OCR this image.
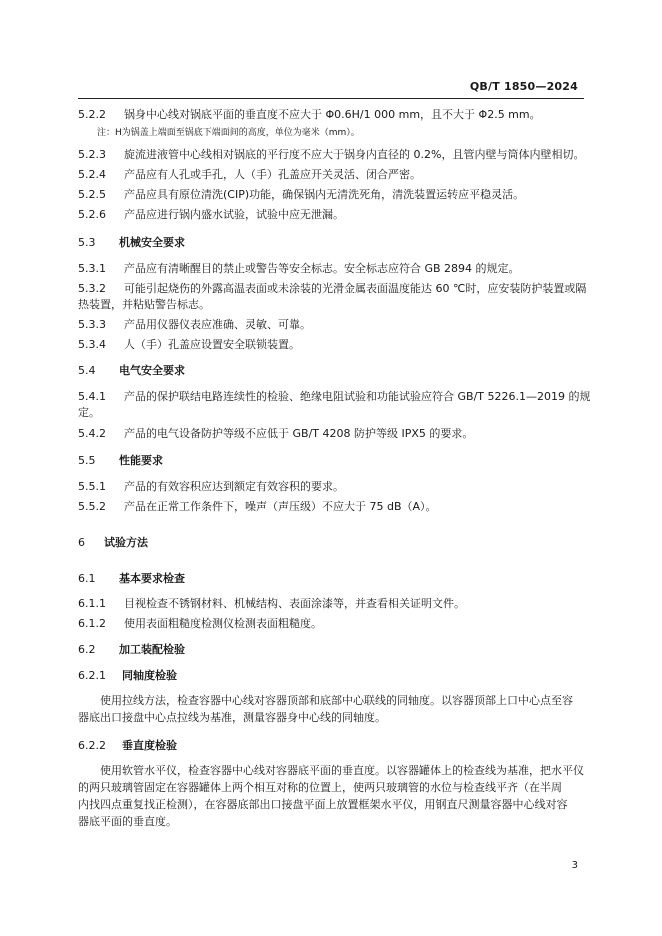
QB/T 1850—2024
5.2.2 锅身中心线对锅底平面的垂直度不应大于 Φ0.6H/1 000 mm，且不大于 Φ2.5 mm。
注：H为锅盖上端面至锅底下端面间的高度，单位为毫米（mm）。
5.2.3 旋流进液管中心线相对锅底的平行度不应大于锅身内直径的 0.2%，且管内壁与筒体内壁相切。
5.2.4 产品应有人孔或手孔，人（手）孔盖应开关灵活、闭合严密。
5.2.5 产品应具有原位清洗(CIP)功能，确保锅内无清洗死角，清洗装置运转应平稳灵活。
5.2.6 产品应进行锅内盛水试验，试验中应无泄漏。
5.3 机械安全要求
5.3.1 产品应有清晰醒目的禁止或警告等安全标志。安全标志应符合 GB 2894 的规定。
5.3.2 可能引起烧伤的外露高温表面或未涂装的光滑金属表面温度能达 60 ℃时，应安装防护装置或隔
热装置，并粘贴警告标志。
5.3.3 产品用仪器仪表应准确、灵敏、可靠。
5.3.4 人（手）孔盖应设置安全联锁装置。
5.4 电气安全要求
5.4.1 产品的保护联结电路连续性的检验、绝缘电阻试验和功能试验应符合 GB/T 5226.1—2019 的规
定。
5.4.2 产品的电气设备防护等级不应低于 GB/T 4208 防护等级 IPX5 的要求。
5.5 性能要求
5.5.1 产品的有效容积应达到额定有效容积的要求。
5.5.2 产品在正常工作条件下，噪声（声压级）不应大于 75 dB（A）。
6 试验方法
6.1 基本要求检查
6.1.1 目视检查不锈钢材料、机械结构、表面涂漆等，并查看相关证明文件。
6.1.2 使用表面粗糙度检测仪检测表面粗糙度。
6.2 加工装配检验
6.2.1 同轴度检验
使用拉线方法，检查容器中心线对容器顶部和底部中心联线的同轴度。以容器顶部上口中心点至容
器底出口接盘中心点拉线为基准，测量容器身中心线的同轴度。
6.2.2 垂直度检验
使用软管水平仪，检查容器中心线对容器底平面的垂直度。以容器罐体上的检查线为基准，把水平仪
的两只玻璃管固定在容器罐体上两个相互对称的位置上，使两只玻璃管的水位与检查线平齐（在半周
内找四点重复找正检测），在容器底部出口接盘平面上放置框架水平仪，用钢直尺测量容器中心线对容
器底平面的垂直度。
3
